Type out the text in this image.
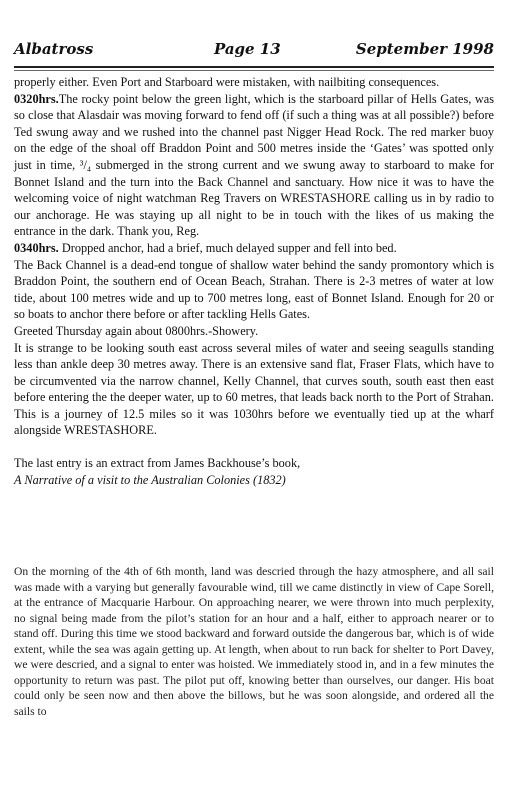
Albatross	Page 13	September 1998

properly either. Even Port and Starboard were mistaken, with nailbiting consequences.

0320hrs.The rocky point below the green light, which is the starboard pillar of Hells Gates, was so close that Alasdair was moving forward to fend off (if such a thing was at all possible?) before Ted swung away and we rushed into the channel past Nigger Head Rock. The red marker buoy on the edge of the shoal off Braddon Point and 500 metres inside the ‘Gates’ was spotted only just in time, ³/₄ submerged in the strong current and we swung away to starboard to make for Bonnet Island and the turn into the Back Channel and sanctuary. How nice it was to have the welcoming voice of night watchman Reg Travers on WRESTASHORE calling us in by radio to our anchorage. He was staying up all night to be in touch with the likes of us making the entrance in the dark. Thank you, Reg.

0340hrs. Dropped anchor, had a brief, much delayed supper and fell into bed.

The Back Channel is a dead-end tongue of shallow water behind the sandy promontory which is Braddon Point, the southern end of Ocean Beach, Strahan. There is 2-3 metres of water at low tide, about 100 metres wide and up to 700 metres long, east of Bonnet Island. Enough for 20 or so boats to anchor there before or after tackling Hells Gates.

Greeted Thursday again about 0800hrs.-Showery.

It is strange to be looking south east across several miles of water and seeing seagulls standing less than ankle deep 30 metres away. There is an extensive sand flat, Fraser Flats, which have to be circumvented via the narrow channel, Kelly Channel, that curves south, south east then east before entering the the deeper water, up to 60 metres, that leads back north to the Port of Strahan. This is a journey of 12.5 miles so it was 1030hrs before we eventually tied up at the wharf alongside WRESTASHORE.

The last entry is an extract from James Backhouse’s book,

A Narrative of a visit to the Australian Colonies (1832)

On the morning of the 4th of 6th month, land was descried through the hazy atmosphere, and all sail was made with a varying but generally favourable wind, till we came distinctly in view of Cape Sorell, at the entrance of Macquarie Harbour. On approaching nearer, we were thrown into much perplexity, no signal being made from the pilot’s station for an hour and a half, either to approach nearer or to stand off. During this time we stood backward and forward outside the dangerous bar, which is of wide extent, while the sea was again getting up. At length, when about to run back for shelter to Port Davey, we were descried, and a signal to enter was hoisted. We immediately stood in, and in a few minutes the opportunity to return was past. The pilot put off, knowing better than ourselves, our danger. His boat could only be seen now and then above the billows, but he was soon alongside, and ordered all the sails to
